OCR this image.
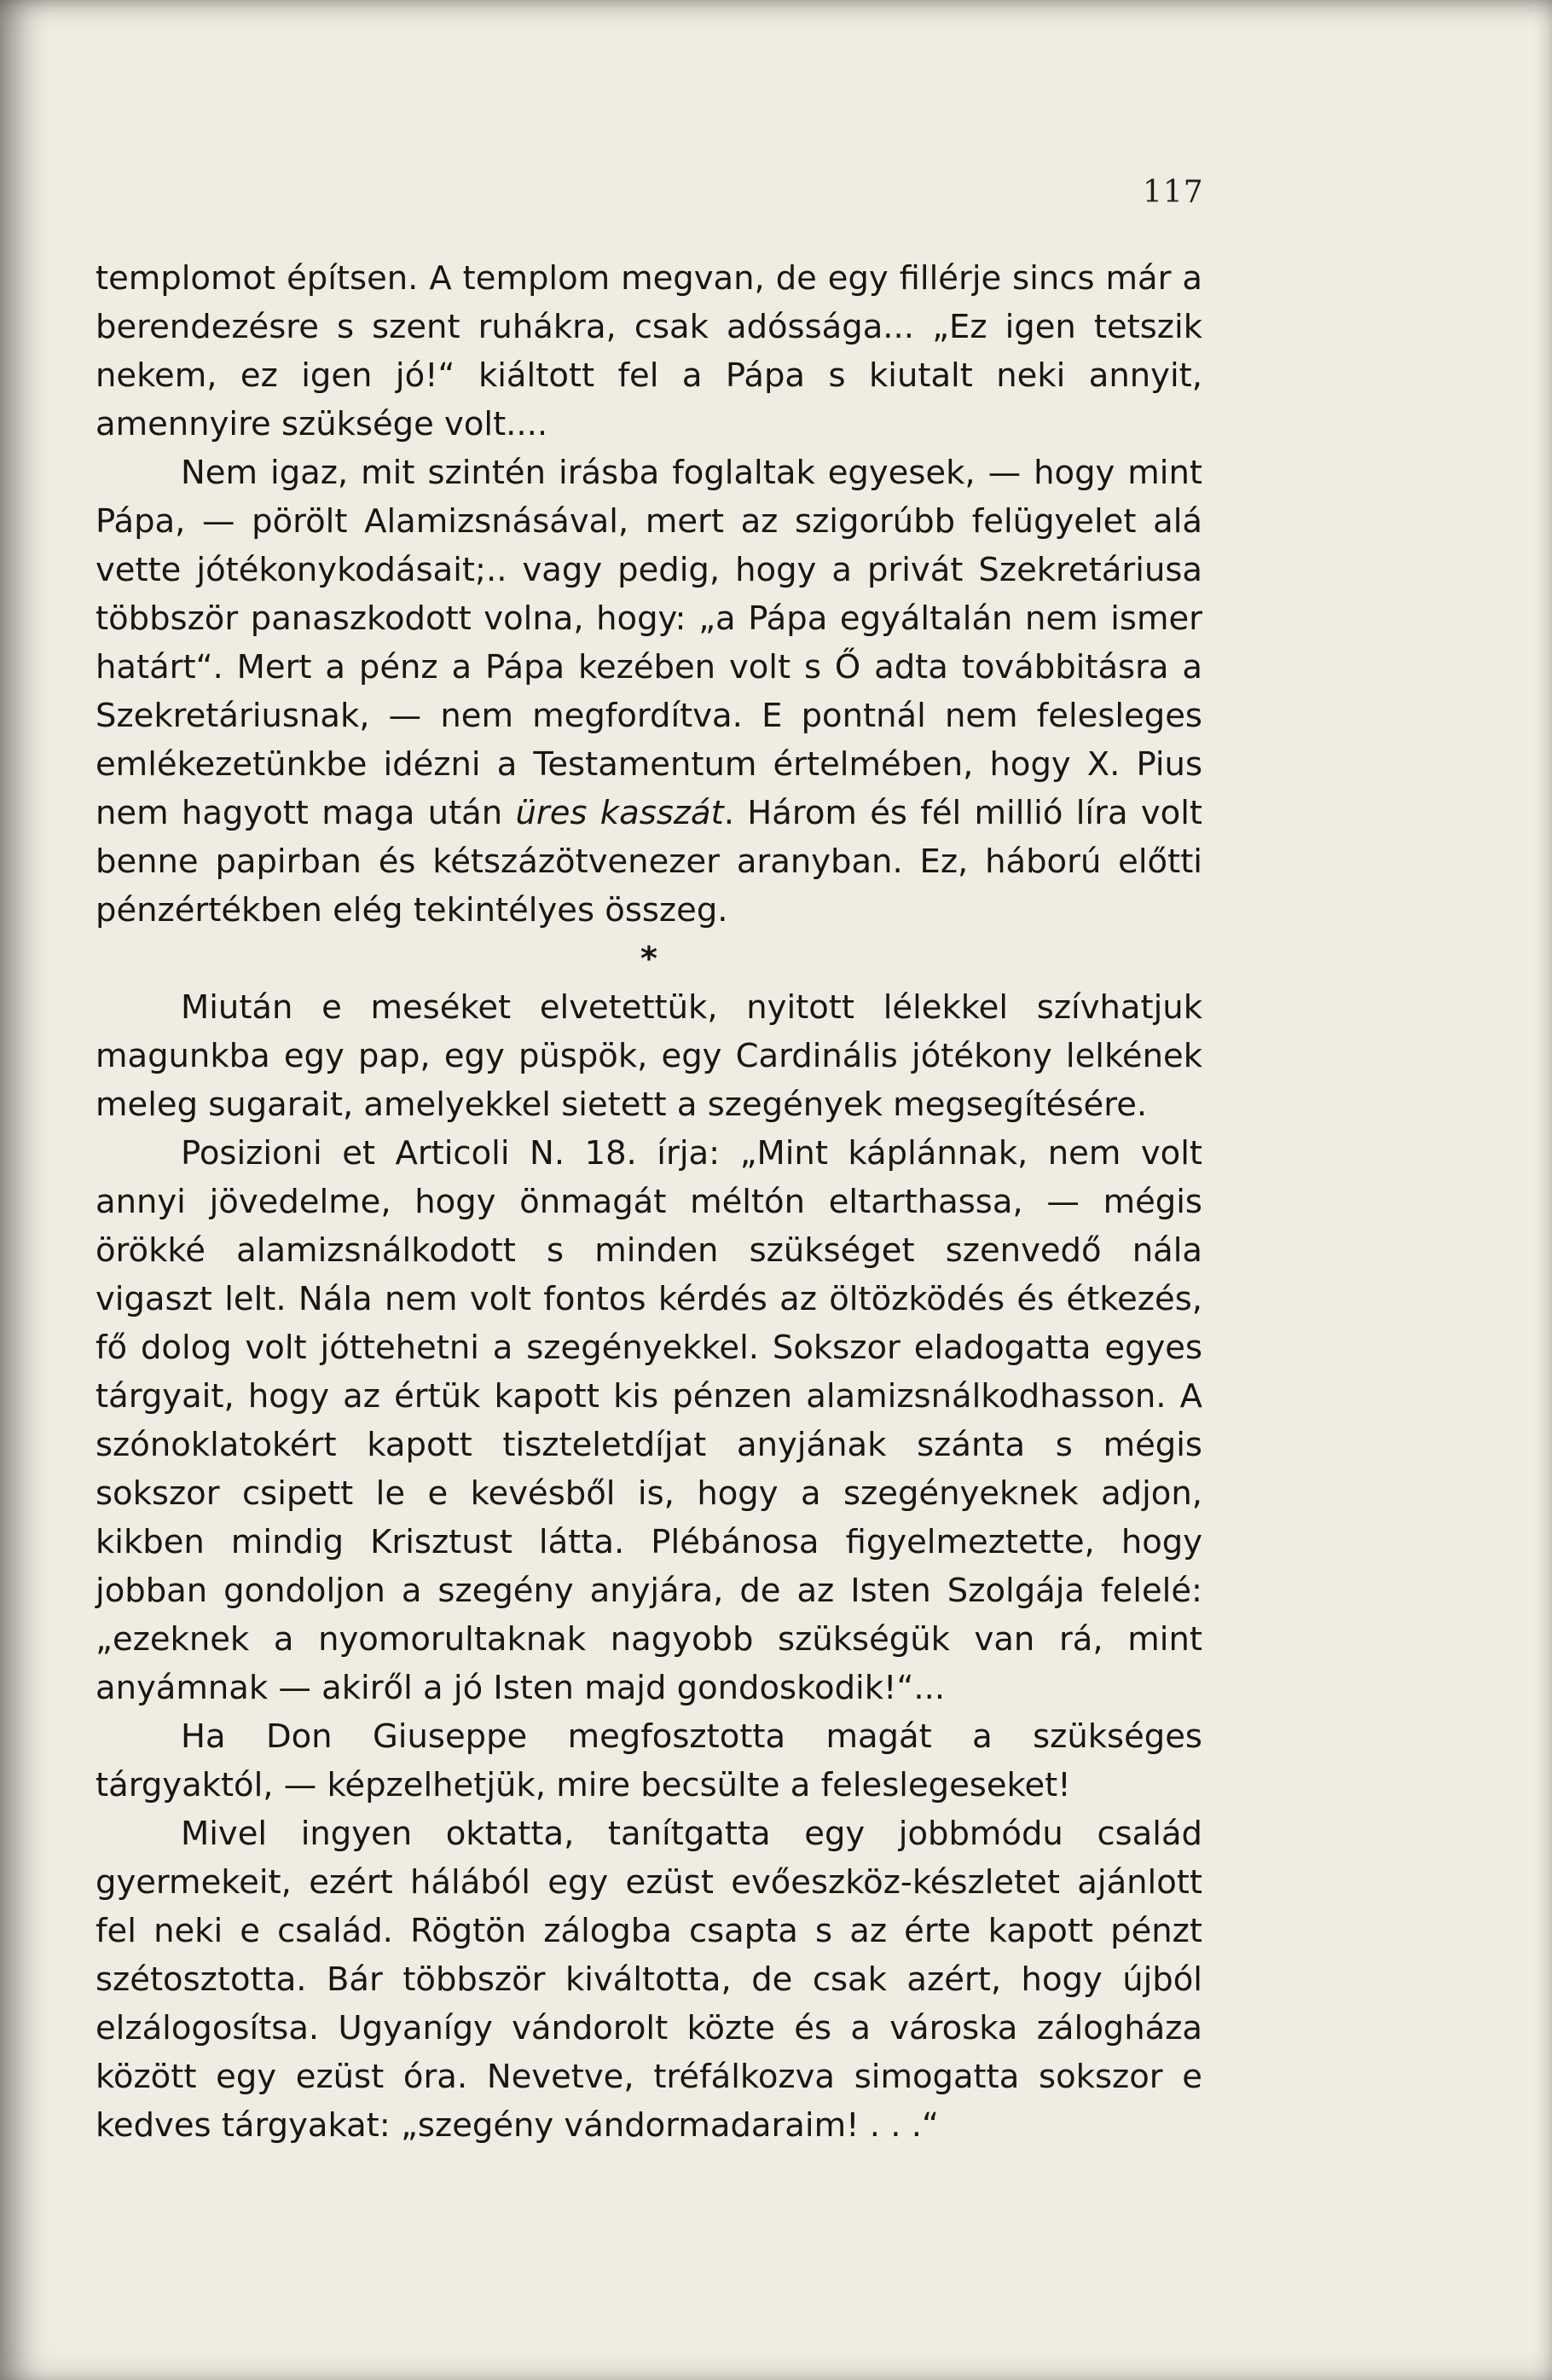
117

templomot építsen. A templom megvan, de egy fillérje sincs már a berendezésre s szent ruhákra, csak adóssága... „Ez igen tetszik nekem, ez igen jó!“ kiáltott fel a Pápa s kiutalt neki annyit, amennyire szüksége volt....

Nem igaz, mit szintén irásba foglaltak egyesek, — hogy mint Pápa, — pörölt Alamizsnásával, mert az szigorúbb felügyelet alá vette jótékonykodásait;.. vagy pedig, hogy a privát Szekretáriusa többször panaszkodott volna, hogy: „a Pápa egyáltalán nem ismer határt“. Mert a pénz a Pápa kezében volt s Ő adta továbbitásra a Szekretáriusnak, — nem megfordítva. E pontnál nem felesleges emlékezetünkbe idézni a Testamentum értelmében, hogy X. Pius nem hagyott maga után üres kasszát. Három és fél millió líra volt benne papirban és kétszázötvenezer aranyban. Ez, háború előtti pénzértékben elég tekintélyes összeg.

*

Miután e meséket elvetettük, nyitott lélekkel szívhatjuk magunkba egy pap, egy püspök, egy Cardinális jótékony lelkének meleg sugarait, amelyekkel sietett a szegények megsegítésére.

Posizioni et Articoli N. 18. írja: „Mint káplánnak, nem volt annyi jövedelme, hogy önmagát méltón eltarthassa, — mégis örökké alamizsnálkodott s minden szükséget szenvedő nála vigaszt lelt. Nála nem volt fontos kérdés az öltözködés és étkezés, fő dolog volt jóttehetni a szegényekkel. Sokszor eladogatta egyes tárgyait, hogy az értük kapott kis pénzen alamizsnálkodhasson. A szónoklatokért kapott tiszteletdíjat anyjának szánta s mégis sokszor csipett le e kevésből is, hogy a szegényeknek adjon, kikben mindig Krisztust látta. Plébánosa figyelmeztette, hogy jobban gondoljon a szegény anyjára, de az Isten Szolgája felelé: „ezeknek a nyomorultaknak nagyobb szükségük van rá, mint anyámnak — akiről a jó Isten majd gondoskodik!“...

Ha Don Giuseppe megfosztotta magát a szükséges tárgyaktól, — képzelhetjük, mire becsülte a feleslegeseket!

Mivel ingyen oktatta, tanítgatta egy jobbmódu család gyermekeit, ezért hálából egy ezüst evőeszköz-készletet ajánlott fel neki e család. Rögtön zálogba csapta s az érte kapott pénzt szétosztotta. Bár többször kiváltotta, de csak azért, hogy újból elzálogosítsa. Ugyanígy vándorolt közte és a városka zálogháza között egy ezüst óra. Nevetve, tréfálkozva simogatta sokszor e kedves tárgyakat: „szegény vándormadaraim! . . .“
